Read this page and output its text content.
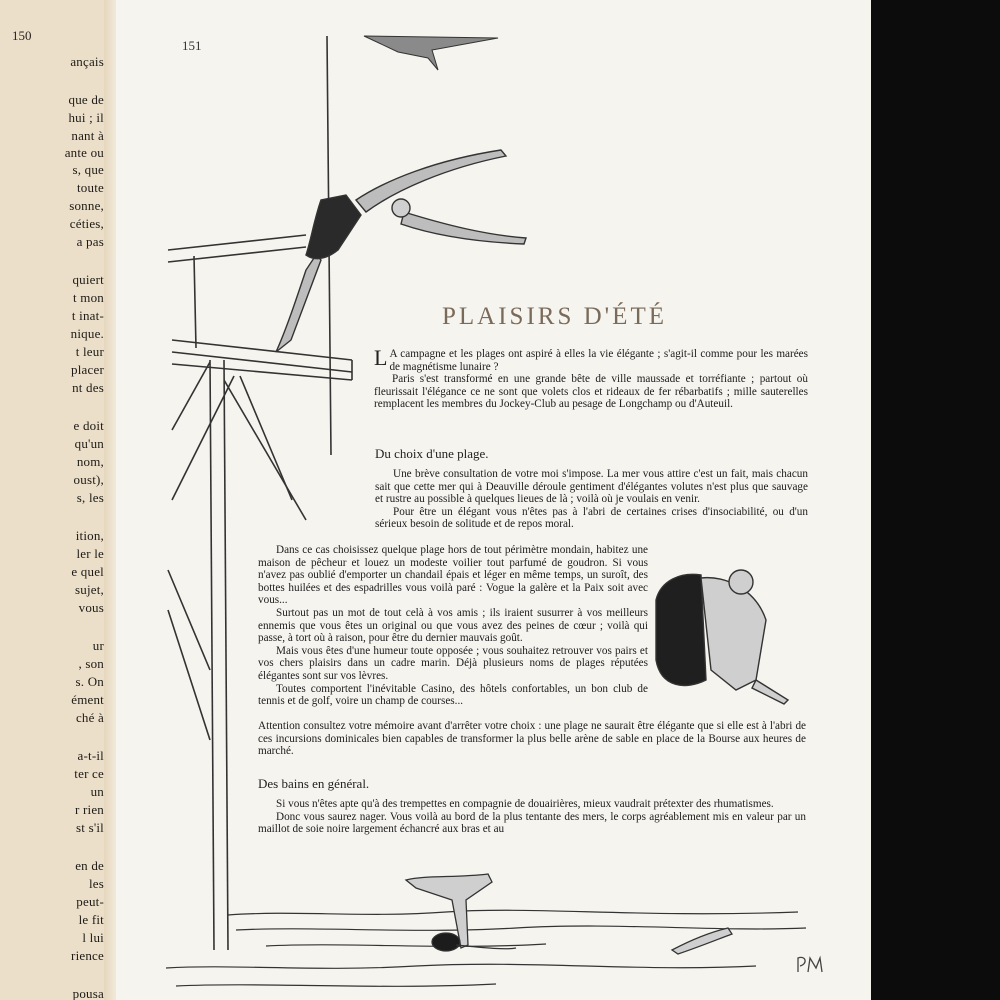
150
ançais
que de
hui ; il
nant à
ante ou
s, que
toute
sonne,
céties,
a pas
quiert
t mon
t inat-
nique.
t leur
placer
nt des
e doit
qu'un
nom,
oust),
s, les
ition,
ler le
e quel
sujet,
vous
ur
, son
s. On
ément
ché à
a-t-il
ter ce
un
r rien
st s'il
en de
les
peut-
le fit
l lui
rience
pousa
151
PLAISIRS D'ÉTÉ

L A campagne et les plages ont aspiré à elles la vie élégante ; s'agit-il comme pour les marées de magnétisme lunaire ?

Paris s'est transformé en une grande bête de ville maussade et torréfiante ; partout où fleurissait l'élégance ce ne sont que volets clos et rideaux de fer rébarbatifs ; mille sauterelles remplacent les membres du Jockey-Club au pesage de Longchamp ou d'Auteuil.

Du choix d'une plage.

Une brève consultation de votre moi s'impose. La mer vous attire c'est un fait, mais chacun sait que cette mer qui à Deauville déroule gentiment d'élégantes volutes n'est plus que sauvage et rustre au possible à quelques lieues de là ; voilà où je voulais en venir.

Pour être un élégant vous n'êtes pas à l'abri de certaines crises d'insociabilité, ou d'un sérieux besoin de solitude et de repos moral.

Dans ce cas choisissez quelque plage hors de tout périmètre mondain, habitez une maison de pêcheur et louez un modeste voilier tout parfumé de goudron. Si vous n'avez pas oublié d'emporter un chandail épais et léger en même temps, un suroît, des bottes huilées et des espadrilles vous voilà paré : Vogue la galère et la Paix soit avec vous...

Surtout pas un mot de tout celà à vos amis ; ils iraient susurrer à vos meilleurs ennemis que vous êtes un original ou que vous avez des peines de cœur ; voilà qui passe, à tort où à raison, pour être du dernier mauvais goût.

Mais vous êtes d'une humeur toute opposée ; vous souhaitez retrouver vos pairs et vos chers plaisirs dans un cadre marin. Déjà plusieurs noms de plages réputées élégantes sont sur vos lèvres.

Toutes comportent l'inévitable Casino, des hôtels confortables, un bon club de tennis et de golf, voire un champ de courses...

Attention consultez votre mémoire avant d'arrêter votre choix : une plage ne saurait être élégante que si elle est à l'abri de ces incursions dominicales bien capables de transformer la plus belle arène de sable en place de la Bourse aux heures de marché.

Des bains en général.

Si vous n'êtes apte qu'à des trempettes en compagnie de douairières, mieux vaudrait prétexter des rhumatismes.

Donc vous saurez nager. Vous voilà au bord de la plus tentante des mers, le corps agréablement mis en valeur par un maillot de soie noire largement échancré aux bras et au
